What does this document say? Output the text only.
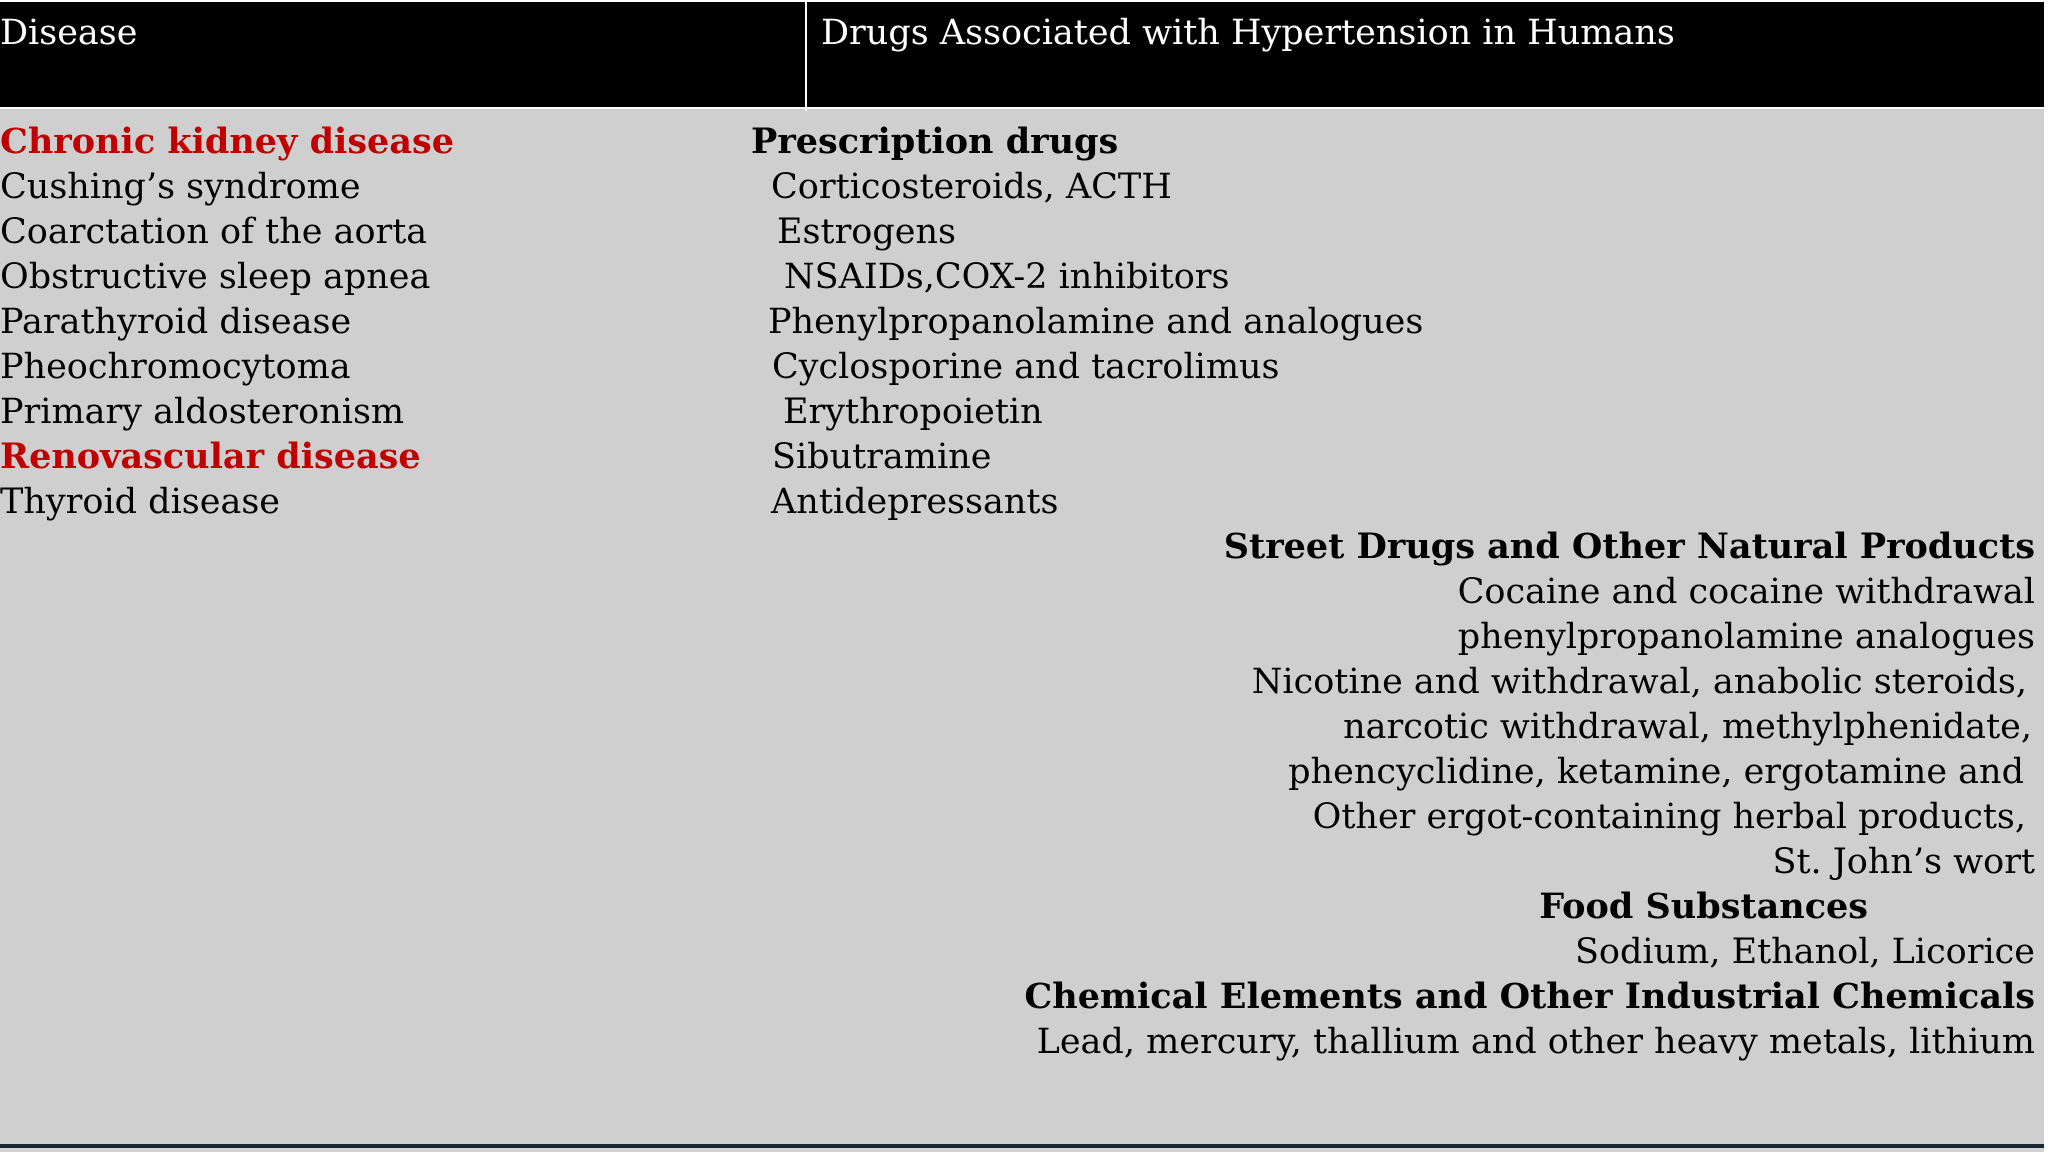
Disease	Drugs Associated with Hypertension in Humans
Chronic kidney disease
Cushing’s syndrome
Coarctation of the aorta
Obstructive sleep apnea
Parathyroid disease
Pheochromocytoma
Primary aldosteronism
Renovascular disease
Thyroid disease
Prescription drugs
Corticosteroids, ACTH
Estrogens
NSAIDs,COX-2 inhibitors
Phenylpropanolamine and analogues
Cyclosporine and tacrolimus
Erythropoietin
Sibutramine
Antidepressants
Street Drugs and Other Natural Products
Cocaine and cocaine withdrawal
phenylpropanolamine analogues
Nicotine and withdrawal, anabolic steroids,
narcotic withdrawal, methylphenidate,
phencyclidine, ketamine, ergotamine and
Other ergot-containing herbal products,
St. John’s wort
Food Substances
Sodium, Ethanol, Licorice
Chemical Elements and Other Industrial Chemicals
Lead, mercury, thallium and other heavy metals, lithium
